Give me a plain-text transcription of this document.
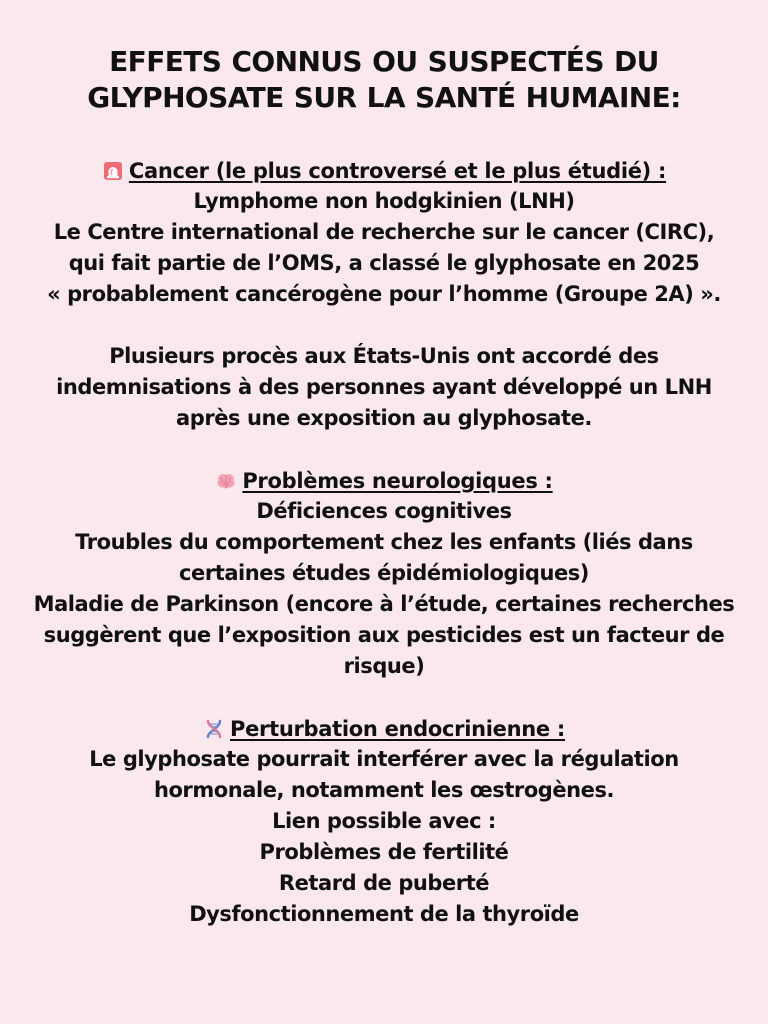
EFFETS CONNUS OU SUSPECTÉS DU
GLYPHOSATE SUR LA SANTÉ HUMAINE:
Cancer (le plus controversé et le plus étudié) :
Lymphome non hodgkinien (LNH)
Le Centre international de recherche sur le cancer (CIRC),
qui fait partie de l’OMS, a classé le glyphosate en 2025
« probablement cancérogène pour l’homme (Groupe 2A) ».
Plusieurs procès aux États-Unis ont accordé des
indemnisations à des personnes ayant développé un LNH
après une exposition au glyphosate.
Problèmes neurologiques :
Déficiences cognitives
Troubles du comportement chez les enfants (liés dans
certaines études épidémiologiques)
Maladie de Parkinson (encore à l’étude, certaines recherches
suggèrent que l’exposition aux pesticides est un facteur de
risque)
Perturbation endocrinienne :
Le glyphosate pourrait interférer avec la régulation
hormonale, notamment les œstrogènes.
Lien possible avec :
Problèmes de fertilité
Retard de puberté
Dysfonctionnement de la thyroïde
